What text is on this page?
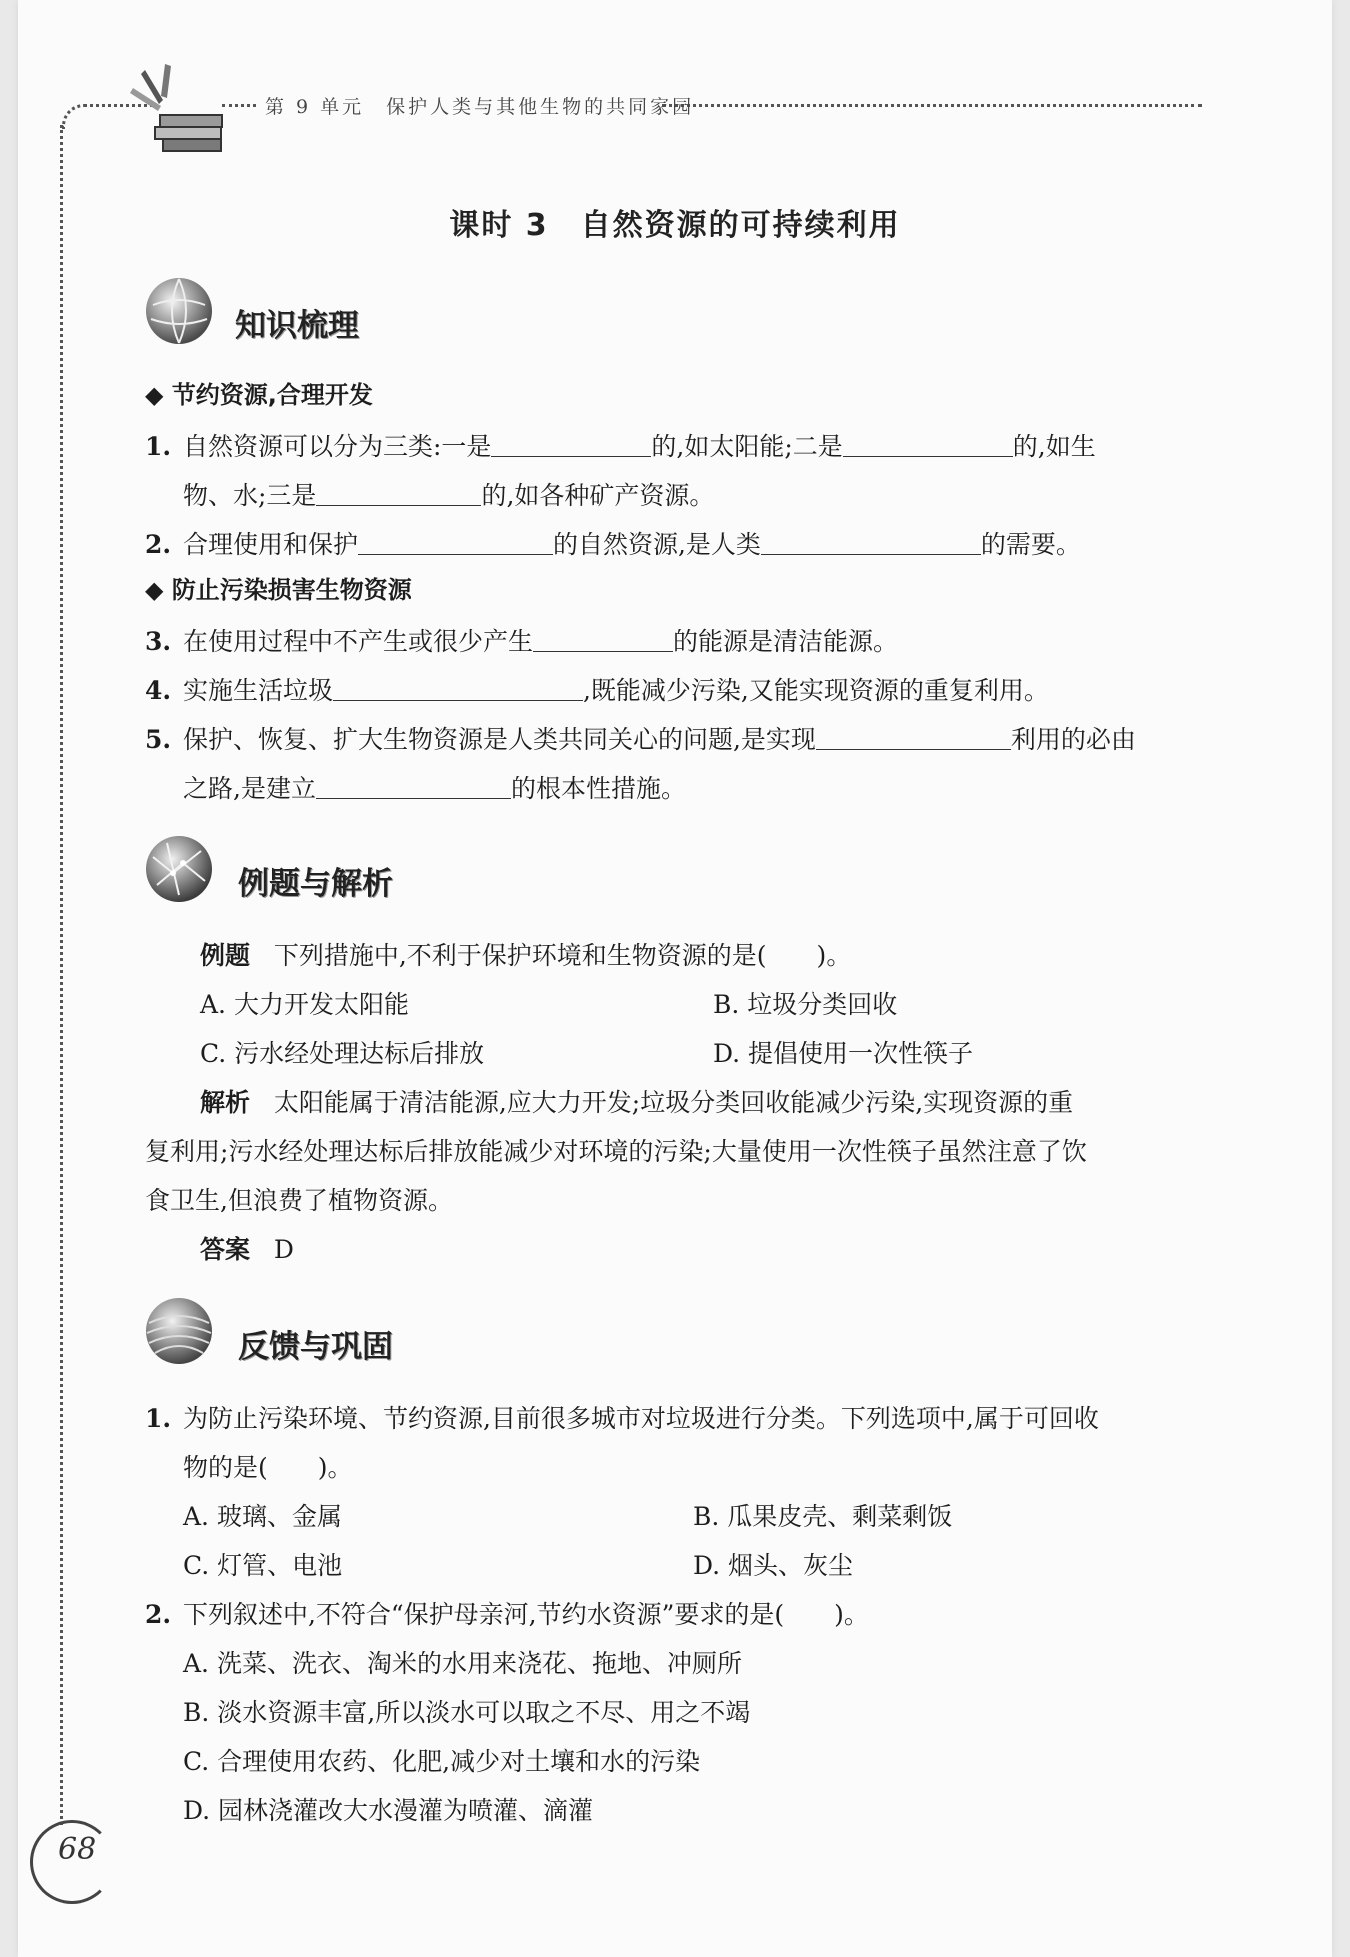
第 9 单元　保护人类与其他生物的共同家园
课时 3　自然资源的可持续利用
知识梳理
◆ 节约资源,合理开发
1. 自然资源可以分为三类:一是	的,如太阳能;二是	的,如生
物、水;三是	的,如各种矿产资源。
2. 合理使用和保护	的自然资源,是人类	的需要。
◆ 防止污染损害生物资源
3. 在使用过程中不产生或很少产生	的能源是清洁能源。
4. 实施生活垃圾	,既能减少污染,又能实现资源的重复利用。
5. 保护、恢复、扩大生物资源是人类共同关心的问题,是实现	利用的必由
之路,是建立	的根本性措施。
例题与解析
例题 下列措施中,不利于保护环境和生物资源的是(　　)。
A. 大力开发太阳能	B. 垃圾分类回收
C. 污水经处理达标后排放	D. 提倡使用一次性筷子
解析 太阳能属于清洁能源,应大力开发;垃圾分类回收能减少污染,实现资源的重
复利用;污水经处理达标后排放能减少对环境的污染;大量使用一次性筷子虽然注意了饮
食卫生,但浪费了植物资源。
答案 D
反馈与巩固
1. 为防止污染环境、节约资源,目前很多城市对垃圾进行分类。下列选项中,属于可回收
物的是(　　)。
A. 玻璃、金属	B. 瓜果皮壳、剩菜剩饭
C. 灯管、电池	D. 烟头、灰尘
2. 下列叙述中,不符合“保护母亲河,节约水资源”要求的是(　　)。
A. 洗菜、洗衣、淘米的水用来浇花、拖地、冲厕所
B. 淡水资源丰富,所以淡水可以取之不尽、用之不竭
C. 合理使用农药、化肥,减少对土壤和水的污染
D. 园林浇灌改大水漫灌为喷灌、滴灌
68
